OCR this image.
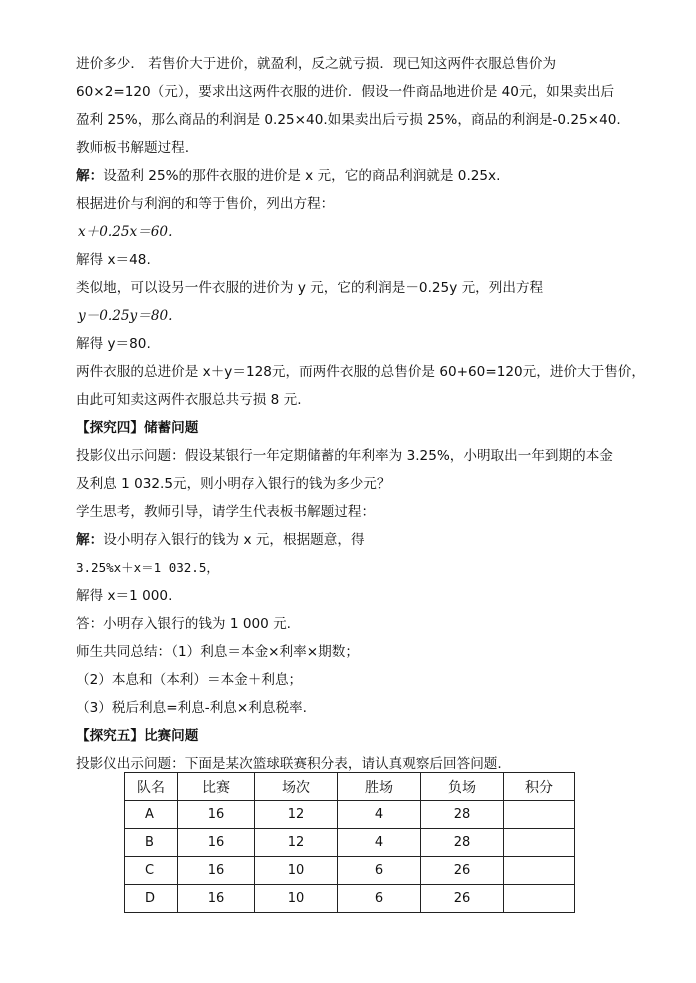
进价多少． 若售价大于进价，就盈利，反之就亏损．现已知这两件衣服总售价为
60×2=120（元），要求出这两件衣服的进价．假设一件商品地进价是 40元，如果卖出后
盈利 25%，那么商品的利润是 0.25×40.如果卖出后亏损 25%，商品的利润是-0.25×40.
教师板书解题过程.
解：设盈利 25%的那件衣服的进价是 x 元，它的商品利润就是 0.25x.
根据进价与利润的和等于售价，列出方程：
x＋0.25x＝60.
解得 x＝48.
类似地，可以设另一件衣服的进价为 y 元，它的利润是－0.25y 元，列出方程
y－0.25y＝80.
解得 y＝80.
两件衣服的总进价是 x＋y＝128元，而两件衣服的总售价是 60+60=120元，进价大于售价，
由此可知卖这两件衣服总共亏损 8 元.
【探究四】储蓄问题
投影仪出示问题：假设某银行一年定期储蓄的年利率为 3.25%，小明取出一年到期的本金
及利息 1 032.5元，则小明存入银行的钱为多少元？
学生思考，教师引导，请学生代表板书解题过程：
解：设小明存入银行的钱为 x 元，根据题意，得
3.25%x＋x＝1 032.5，
解得 x＝1 000.
答：小明存入银行的钱为 1 000 元.
师生共同总结：（1）利息＝本金×利率×期数；
（2）本息和（本利）＝本金＋利息；
（3）税后利息=利息-利息×利息税率.
【探究五】比赛问题
投影仪出示问题：下面是某次篮球联赛积分表，请认真观察后回答问题.
队名	比赛	场次	胜场	负场	积分
A	16	12	4	28	
B	16	12	4	28	
C	16	10	6	26	
D	16	10	6	26	
